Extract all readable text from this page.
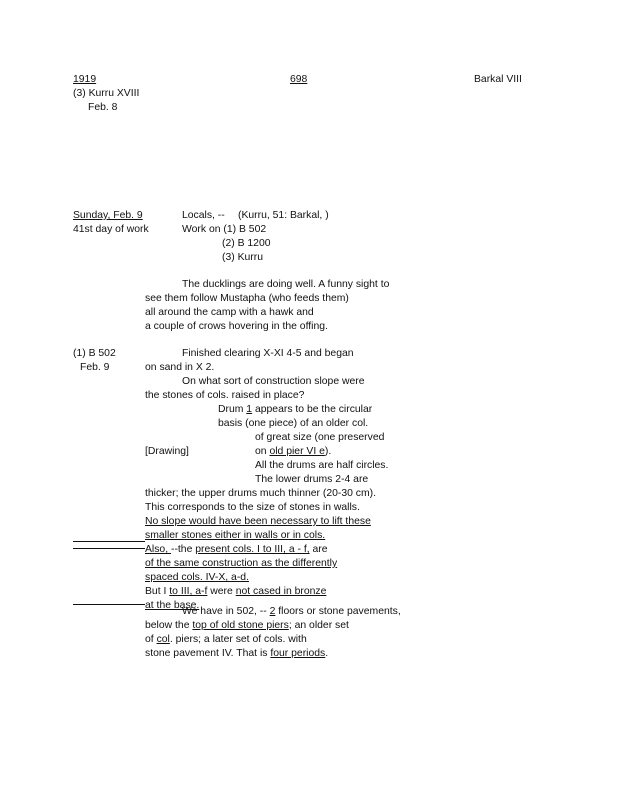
1919	698	Barkal VIII
(3) Kurru XVIII
Feb. 8
Sunday, Feb. 9	Locals, -- (Kurru, 51: Barkal, )
41st day of work	Work on (1) B 502
(2) B 1200
(3) Kurru
The ducklings are doing well. A funny sight to
see them follow Mustapha (who feeds them)
all around the camp with a hawk and
a couple of crows hovering in the offing.
(1) B 502
Feb. 9
Finished clearing X-XI 4-5 and began
on sand in X 2.
On what sort of construction slope were
the stones of cols. raised in place?
Drum 1 appears to be the circular
basis (one piece) of an older col.
of great size (one preserved
[Drawing]	on old pier VI e).
All the drums are half circles.
The lower drums 2-4 are
thicker; the upper drums much thinner (20-30 cm).
This corresponds to the size of stones in walls.
No slope would have been necessary to lift these
smaller stones either in walls or in cols.
Also, --the present cols. I to III, a - f, are
of the same construction as the differently
spaced cols. IV-X, a-d.
But I to III, a-f were not cased in bronze
at the base.
We have in 502, -- 2 floors or stone pavements,
below the top of old stone piers; an older set
of col. piers; a later set of cols. with
stone pavement IV. That is four periods.
